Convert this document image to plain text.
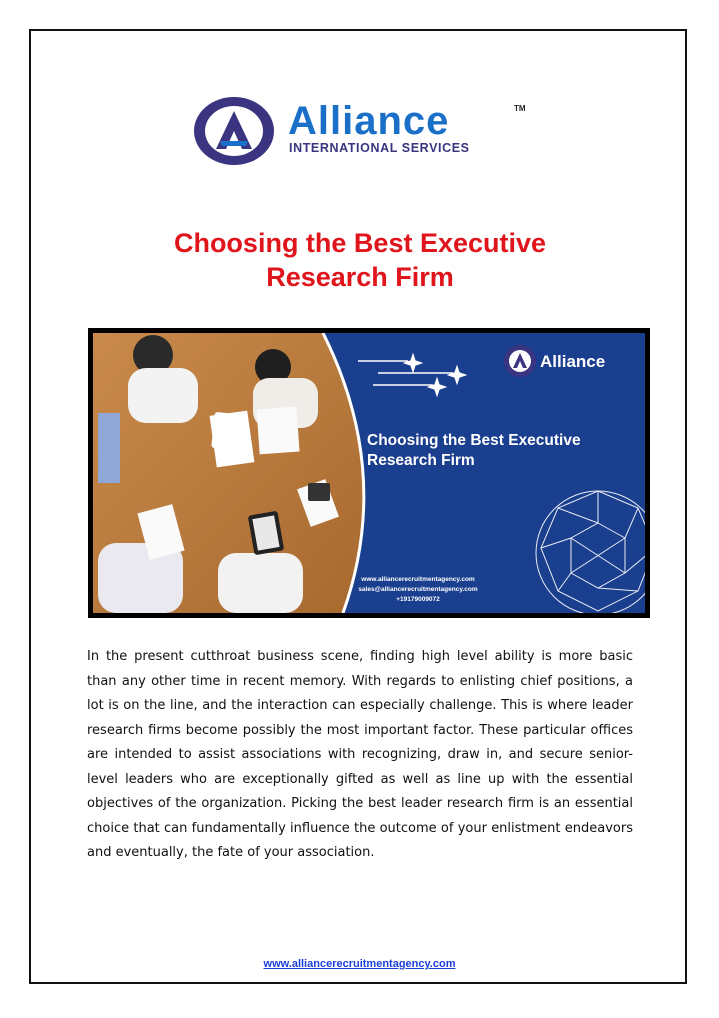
Alliance
INTERNATIONAL SERVICES
TM
Choosing the Best Executive
Research Firm
Alliance
Choosing the Best Executive
Research Firm
www.alliancerecruitmentagency.com
sales@alliancerecruitmentagency.com
+19179009072

In the present cutthroat business scene, finding high level ability is more basic than any other time in recent memory. With regards to enlisting chief positions, a lot is on the line, and the interaction can especially challenge. This is where leader research firms become possibly the most important factor. These particular offices are intended to assist associations with recognizing, draw in, and secure senior-level leaders who are exceptionally gifted as well as line up with the essential objectives of the organization. Picking the best leader research firm is an essential choice that can fundamentally influence the outcome of your enlistment endeavors and eventually, the fate of your association.

www.alliancerecruitmentagency.com
